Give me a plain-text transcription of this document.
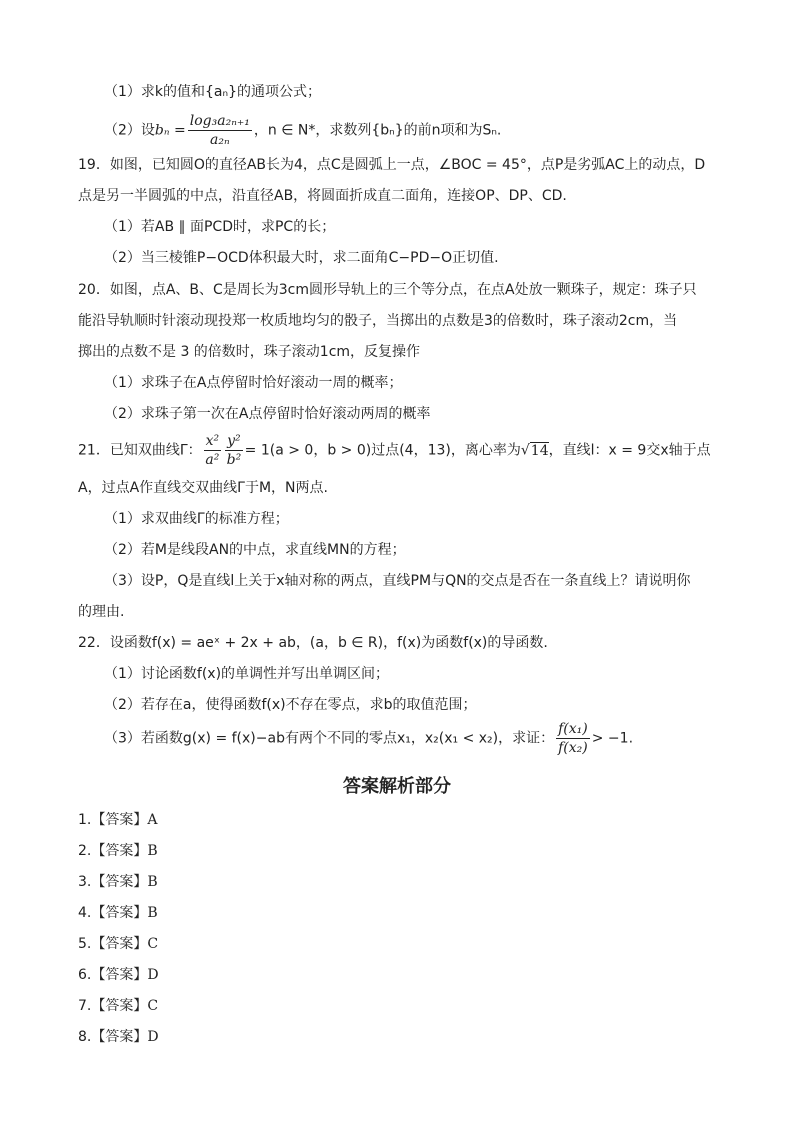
（1）求k的值和{aₙ}的通项公式；
（2）设$b_n = \frac{\text{log₃a₂ₙ₊₁}}{\text{a₂ₙ}}$ ，n ∈ N*，求数列{bₙ}的前n项和为Sₙ.
19．如图，已知圆O的直径AB长为4，点C是圆弧上一点，∠BOC = 45°，点P是劣弧AC上的动点，D
点是另一半圆弧的中点，沿直径AB，将圆面折成直二面角，连接OP、DP、CD.
（1）若AB ∥ 面PCD时，求PC的长；
（2）当三棱锥P−OCD体积最大时，求二面角C−PD−O正切值.
20．如图，点A、B、C是周长为3cm圆形导轨上的三个等分点，在点A处放一颗珠子，规定：珠子只
能沿导轨顺时针滚动现投郑一枚质地均匀的骰子，当掷出的点数是3的倍数时，珠子滚动2cm，当
掷出的点数不是 3 的倍数时，珠子滚动1cm，反复操作
（1）求珠子在A点停留时恰好滚动一周的概率；
（2）求珠子第一次在A点停留时恰好滚动两周的概率
21．已知双曲线Γ： $\frac{\text{x²}}{\text{a²}} \frac{\text{y²}}{\text{b²}} = 1(a > 0$，b > 0)过点(4，13)，离心率为√14，直线l：x = 9交x轴于点
A，过点A作直线交双曲线Γ于M，N两点.
（1）求双曲线Γ的标准方程；
（2）若M是线段AN的中点，求直线MN的方程；
（3）设P，Q是直线l上关于x轴对称的两点，直线PM与QN的交点是否在一条直线上？请说明你
的理由.
22．设函数f(x) = aeˣ + 2x + ab，(a，b ∈ R)，f(x)为函数f(x)的导函数.
（1）讨论函数f(x)的单调性并写出单调区间；
（2）若存在a，使得函数f(x)不存在零点，求b的取值范围；
（3）若函数g(x) = f(x)−ab有两个不同的零点x₁，x₂(x₁ < x₂)，求证： $\frac{\text{f(x₁)}}{\text{f(x₂)}} > -1$.
答案解析部分
1.【答案】A
2.【答案】B
3.【答案】B
4.【答案】B
5.【答案】C
6.【答案】D
7.【答案】C
8.【答案】D
